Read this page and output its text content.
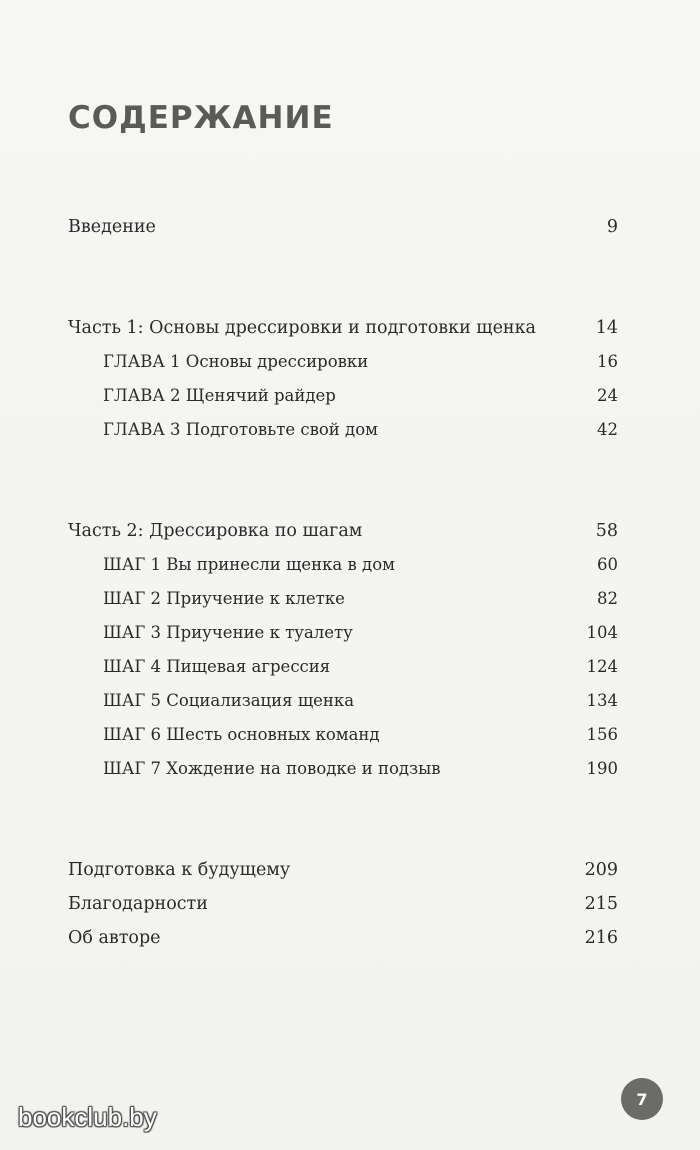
СОДЕРЖАНИЕ
Введение	9
Часть 1: Основы дрессировки и подготовки щенка	14
ГЛАВА 1 Основы дрессировки	16
ГЛАВА 2 Щенячий райдер	24
ГЛАВА 3 Подготовьте свой дом	42
Часть 2: Дрессировка по шагам	58
ШАГ 1 Вы принесли щенка в дом	60
ШАГ 2 Приучение к клетке	82
ШАГ 3 Приучение к туалету	104
ШАГ 4 Пищевая агрессия	124
ШАГ 5 Социализация щенка	134
ШАГ 6 Шесть основных команд	156
ШАГ 7 Хождение на поводке и подзыв	190
Подготовка к будущему	209
Благодарности	215
Об авторе	216
7
bookclub.by
